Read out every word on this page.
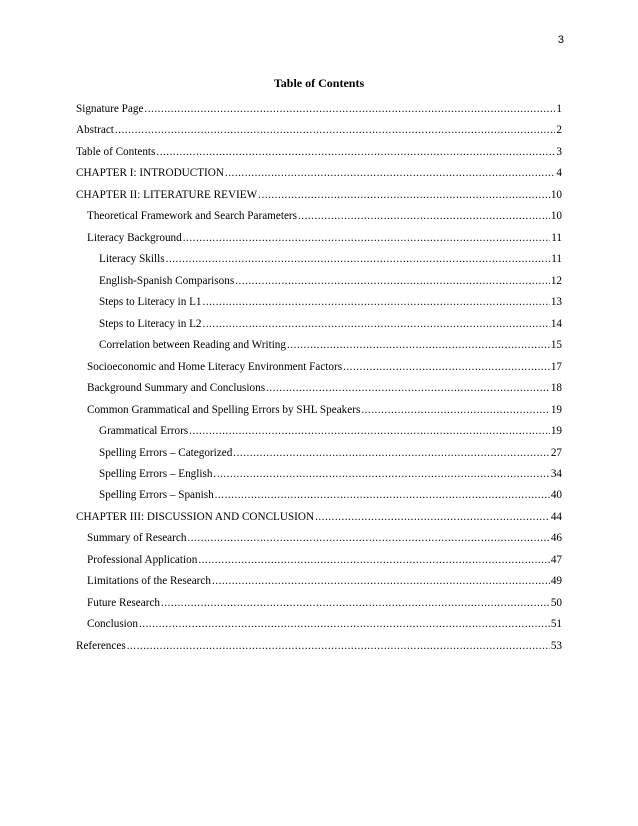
3
Table of Contents
Signature Page .....	1
Abstract .....	2
Table of Contents .....	3
CHAPTER I: INTRODUCTION .....	4
CHAPTER II: LITERATURE REVIEW .....	10
Theoretical Framework and Search Parameters .....	10
Literacy Background .....	11
Literacy Skills .....	11
English-Spanish Comparisons .....	12
Steps to Literacy in L1 .....	13
Steps to Literacy in L2 .....	14
Correlation between Reading and Writing .....	15
Socioeconomic and Home Literacy Environment Factors .....	17
Background Summary and Conclusions .....	18
Common Grammatical and Spelling Errors by SHL Speakers .....	19
Grammatical Errors .....	19
Spelling Errors – Categorized .....	27
Spelling Errors – English .....	34
Spelling Errors – Spanish .....	40
CHAPTER III: DISCUSSION AND CONCLUSION .....	44
Summary of Research .....	46
Professional Application .....	47
Limitations of the Research .....	49
Future Research .....	50
Conclusion .....	51
References .....	53
